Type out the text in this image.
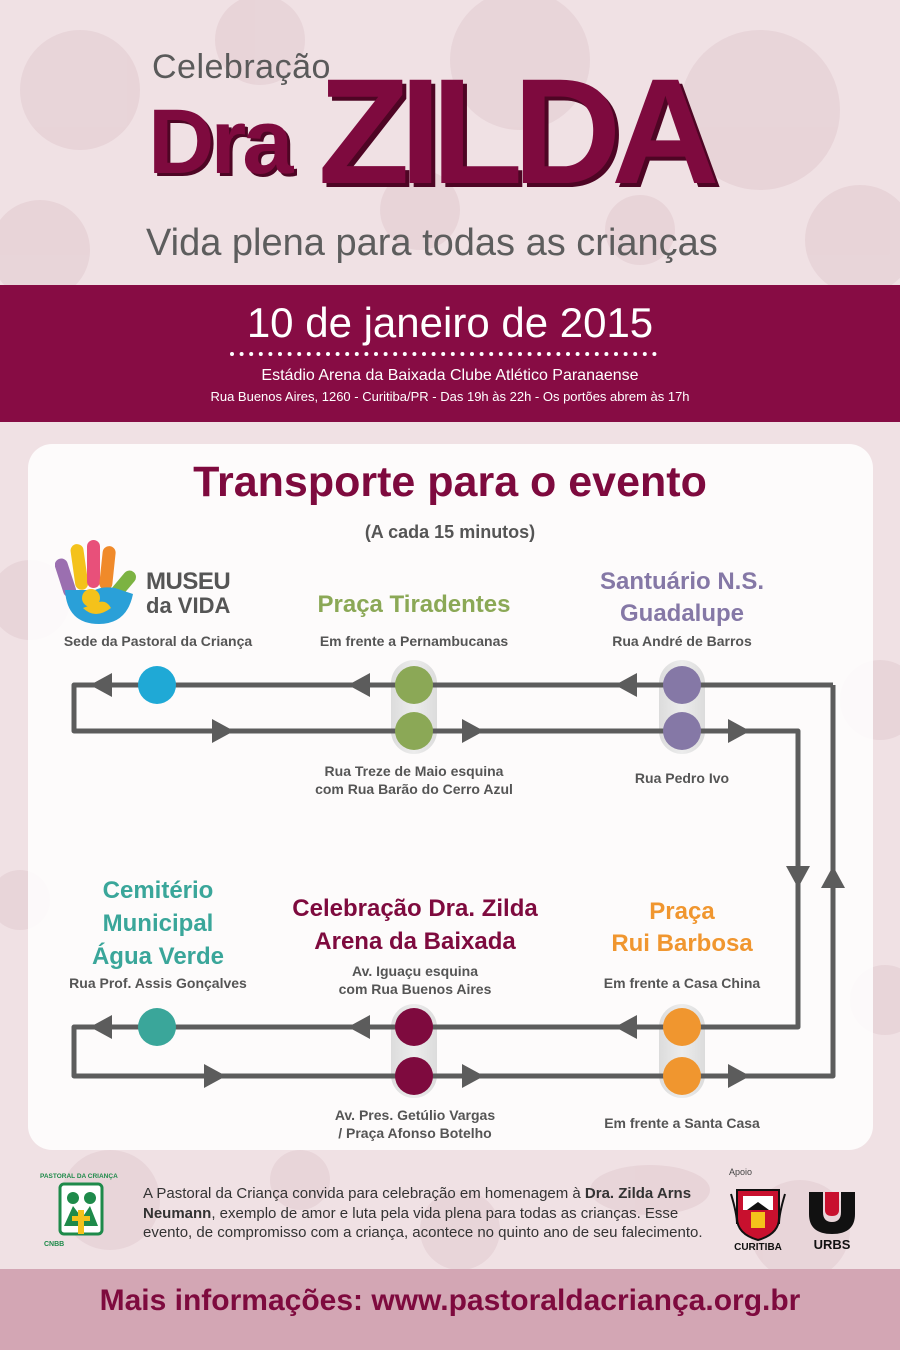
Celebração
Dra ZILDA
Vida plena para todas as crianças
10 de janeiro de 2015
Estádio Arena da Baixada Clube Atlético Paranaense
Rua Buenos Aires, 1260 - Curitiba/PR - Das 19h às 22h - Os portões abrem às 17h
Transporte para o evento
(A cada 15 minutos)
MUSEU
da VIDA
Sede da Pastoral da Criança
Praça Tiradentes
Em frente a Pernambucanas
Rua Treze de Maio esquina
com Rua Barão do Cerro Azul
Santuário N.S.
Guadalupe
Rua André de Barros
Rua Pedro Ivo
Cemitério
Municipal
Água Verde
Rua Prof. Assis Gonçalves
Celebração Dra. Zilda
Arena da Baixada
Av. Iguaçu esquina
com Rua Buenos Aires
Av. Pres. Getúlio Vargas
/ Praça Afonso Botelho
Praça
Rui Barbosa
Em frente a Casa China
Em frente a Santa Casa
CNBB
PASTORAL DA CRIANÇA
A Pastoral da Criança convida para celebração em homenagem à Dra. Zilda Arns Neumann, exemplo de amor e luta pela vida plena para todas as crianças. Esse evento, de compromisso com a criança, acontece no quinto ano de seu falecimento.
Apoio
CURITIBA URBS
Mais informações: www.pastoraldacriança.org.br
